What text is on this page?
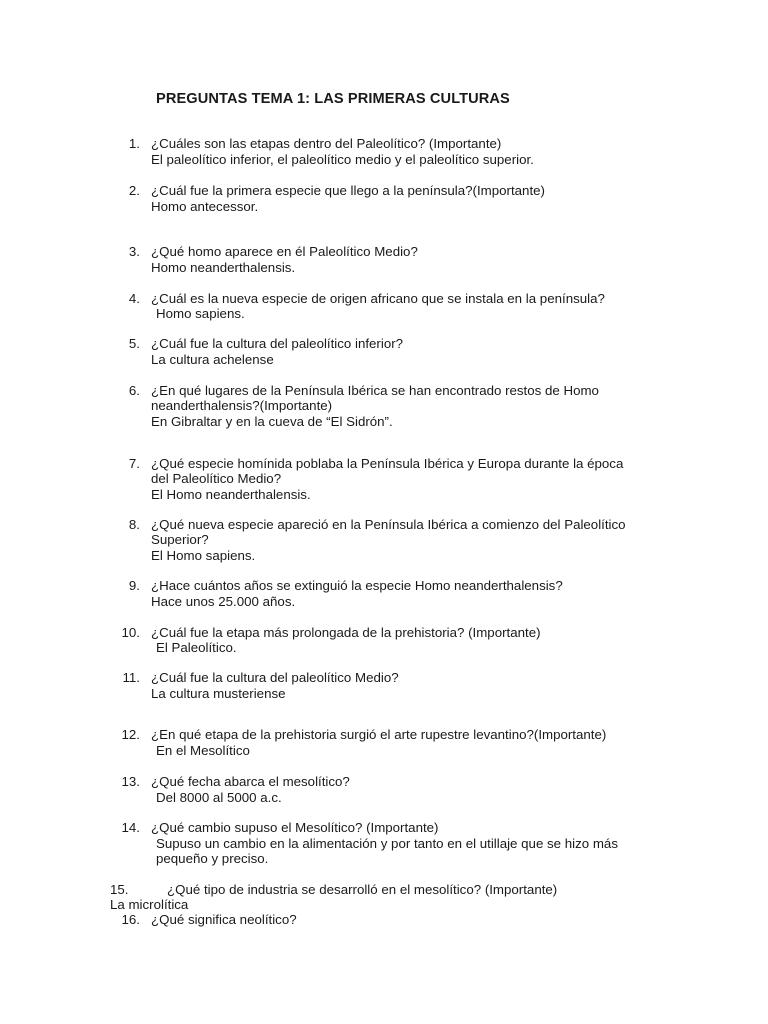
PREGUNTAS TEMA 1: LAS PRIMERAS CULTURAS
1. ¿Cuáles son las etapas dentro del Paleolítico? (Importante)
El paleolítico inferior, el paleolítico medio y el paleolítico superior.
2. ¿Cuál fue la primera especie que llego a la península?(Importante)
Homo antecessor.
3. ¿Qué homo aparece en él Paleolítico Medio?
Homo neanderthalensis.
4. ¿Cuál es la nueva especie de origen africano que se instala en la península?
Homo sapiens.
5. ¿Cuál fue la cultura del paleolítico inferior?
La cultura achelense
6. ¿En qué lugares de la Península Ibérica se han encontrado restos de Homo
neanderthalensis?(Importante)
En Gibraltar y en la cueva de “El Sidrón”.
7. ¿Qué especie homínida poblaba la Península Ibérica y Europa durante la época
del Paleolítico Medio?
El Homo neanderthalensis.
8. ¿Qué nueva especie apareció en la Península Ibérica a comienzo del Paleolítico
Superior?
El Homo sapiens.
9. ¿Hace cuántos años se extinguió la especie Homo neanderthalensis?
Hace unos 25.000 años.
10. ¿Cuál fue la etapa más prolongada de la prehistoria? (Importante)
El Paleolítico.
11. ¿Cuál fue la cultura del paleolítico Medio?
La cultura musteriense
12. ¿En qué etapa de la prehistoria surgió el arte rupestre levantino?(Importante)
En el Mesolítico
13. ¿Qué fecha abarca el mesolítico?
Del 8000 al 5000 a.c.
14. ¿Qué cambio supuso el Mesolítico? (Importante)
Supuso un cambio en la alimentación y por tanto en el utillaje que se hizo más
pequeño y preciso.
15.	¿Qué tipo de industria se desarrolló en el mesolítico? (Importante)
La microlítica
16. ¿Qué significa neolítico?
